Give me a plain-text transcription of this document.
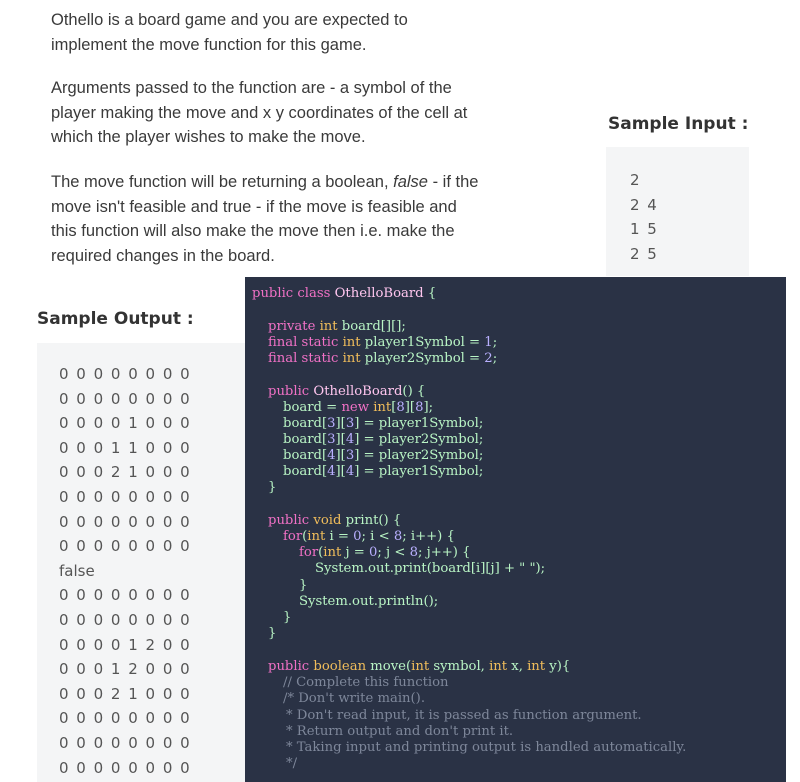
Othello is a board game and you are expected to
implement the move function for this game.

Arguments passed to the function are - a symbol of the
player making the move and x y coordinates of the cell at
which the player wishes to make the move.

The move function will be returning a boolean, false - if the
move isn't feasible and true - if the move is feasible and
this function will also make the move then i.e. make the
required changes in the board.

Sample Input :
2
2 4
1 5
2 5
Sample Output :
0 0 0 0 0 0 0 0
0 0 0 0 0 0 0 0
0 0 0 0 1 0 0 0
0 0 0 1 1 0 0 0
0 0 0 2 1 0 0 0
0 0 0 0 0 0 0 0
0 0 0 0 0 0 0 0
0 0 0 0 0 0 0 0
false
0 0 0 0 0 0 0 0
0 0 0 0 0 0 0 0
0 0 0 0 1 2 0 0
0 0 0 1 2 0 0 0
0 0 0 2 1 0 0 0
0 0 0 0 0 0 0 0
0 0 0 0 0 0 0 0
0 0 0 0 0 0 0 0
public class OthelloBoard {
private int board[][];
final static int player1Symbol = 1;
final static int player2Symbol = 2;
public OthelloBoard() {
board = new int[8][8];
board[3][3] = player1Symbol;
board[3][4] = player2Symbol;
board[4][3] = player2Symbol;
board[4][4] = player1Symbol;
}
public void print() {
for(int i = 0; i < 8; i++) {
for(int j = 0; j < 8; j++) {
System.out.print(board[i][j] + " ");
}
System.out.println();
}
}
public boolean move(int symbol, int x, int y){
// Complete this function
/* Don't write main().
* Don't read input, it is passed as function argument.
* Return output and don't print it.
* Taking input and printing output is handled automatically.
*/
